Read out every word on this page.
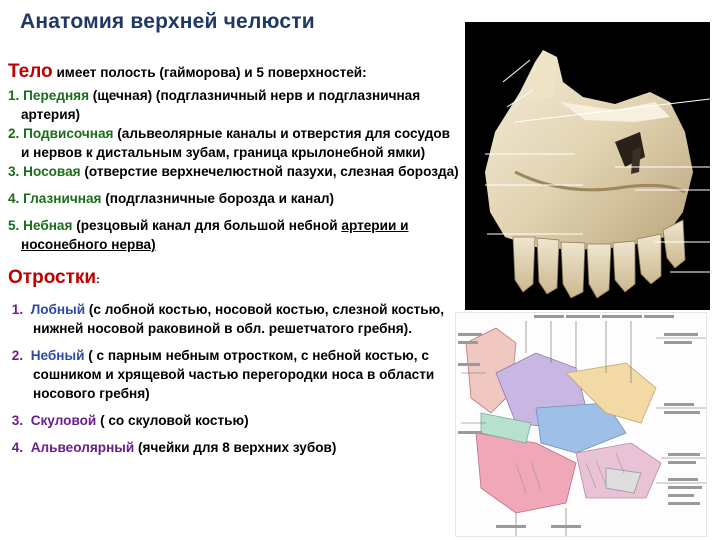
Анатомия верхней челюсти
Тело имеет полость (гайморова) и 5 поверхностей:

1. Передняя (щечная) (подглазничный нерв и подглазничная артерия)

2. Подвисочная (альвеолярные каналы и отверстия для сосудов и нервов к дистальным зубам, граница крылонебной ямки)

3. Носовая (отверстие верхнечелюстной пазухи, слезная борозда)

4. Глазничная (подглазничные борозда и канал)

5. Небная (резцовый канал для большой небной артерии и носонебного нерва)

Отростки:

1. Лобный (с лобной костью, носовой костью, слезной костью, нижней носовой раковиной в обл. решетчатого гребня).

2. Небный ( с парным небным отростком, с небной костью, с сошником и хрящевой частью перегородки носа в области носового гребня)

3. Скуловой ( со скуловой костью)

4. Альвеолярный (ячейки для 8 верхних зубов)
